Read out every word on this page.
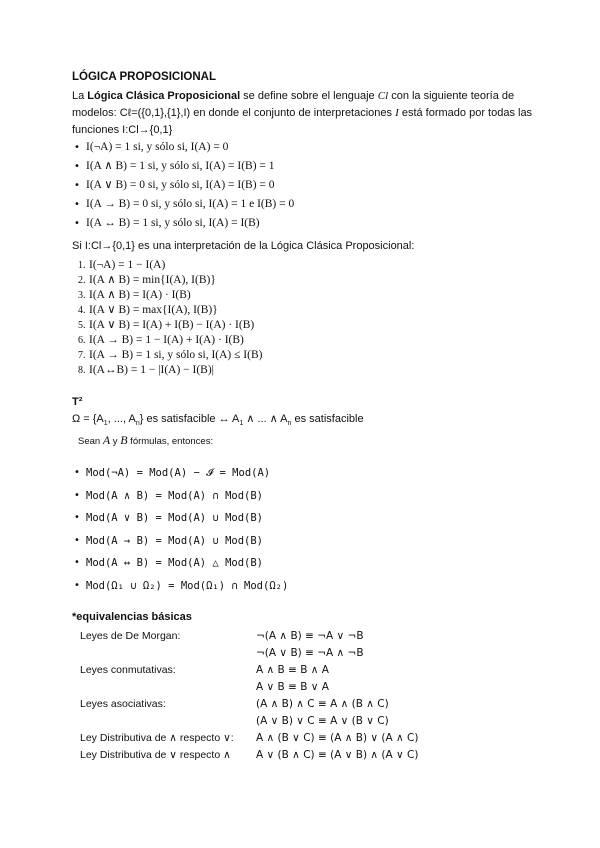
LÓGICA PROPOSICIONAL
La Lógica Clásica Proposicional se define sobre el lenguaje Cl con la siguiente teoría de modelos: Cℓ=({0,1},{1},I) en donde el conjunto de interpretaciones I está formado por todas las funciones I:Cl→{0,1}
• I(¬A) = 1 si, y sólo si, I(A) = 0
• I(A ∧ B) = 1 si, y sólo si, I(A) = I(B) = 1
• I(A ∨ B) = 0 si, y sólo si, I(A) = I(B) = 0
• I(A → B) = 0 si, y sólo si, I(A) = 1 e I(B) = 0
• I(A ↔ B) = 1 si, y sólo si, I(A) = I(B)
Si I:Cl→{0,1} es una interpretación de la Lógica Clásica Proposicional:
1. I(¬A) = 1 − I(A)
2. I(A ∧ B) = min{I(A), I(B)}
3. I(A ∧ B) = I(A) · I(B)
4. I(A ∨ B) = max{I(A), I(B)}
5. I(A ∨ B) = I(A) + I(B) − I(A) · I(B)
6. I(A → B) = 1 − I(A) + I(A) · I(B)
7. I(A → B) = 1 si, y sólo si, I(A) ≤ I(B)
8. I(A↔B) = 1 − |I(A) − I(B)|
T²
$\Omega = \{A_1$, ..., $A_n$} es satisfacible ↔ $A_1$ ∧ ... ∧ $A_n$ es satisfacible
Sean A y B fórmulas, entonces:
• Mod(¬A) = Mod(A) − 𝓘 = Mod(A)
• Mod(A ∧ B) = Mod(A) ∩ Mod(B)
• Mod(A ∨ B) = Mod(A) ∪ Mod(B)
• Mod(A → B) = Mod(A) ∪ Mod(B)
• Mod(A ↔ B) = Mod(A) △ Mod(B)
• Mod(Ω₁ ∪ Ω₂) = Mod(Ω₁) ∩ Mod(Ω₂)
*equivalencias básicas
Leyes de De Morgan:	¬(A ∧ B) ≡ ¬A ∨ ¬B
¬(A ∨ B) ≡ ¬A ∧ ¬B
Leyes conmutativas:	A ∧ B ≡ B ∧ A
A ∨ B ≡ B ∨ A
Leyes asociativas:	(A ∧ B) ∧ C ≡ A ∧ (B ∧ C)
(A ∨ B) ∨ C ≡ A ∨ (B ∨ C)
Ley Distributiva de ∧ respecto ∨: A ∧ (B ∨ C) ≡ (A ∧ B) ∨ (A ∧ C)
Ley Distributiva de ∨ respecto ∧ A ∨ (B ∧ C) ≡ (A ∨ B) ∧ (A ∨ C)
